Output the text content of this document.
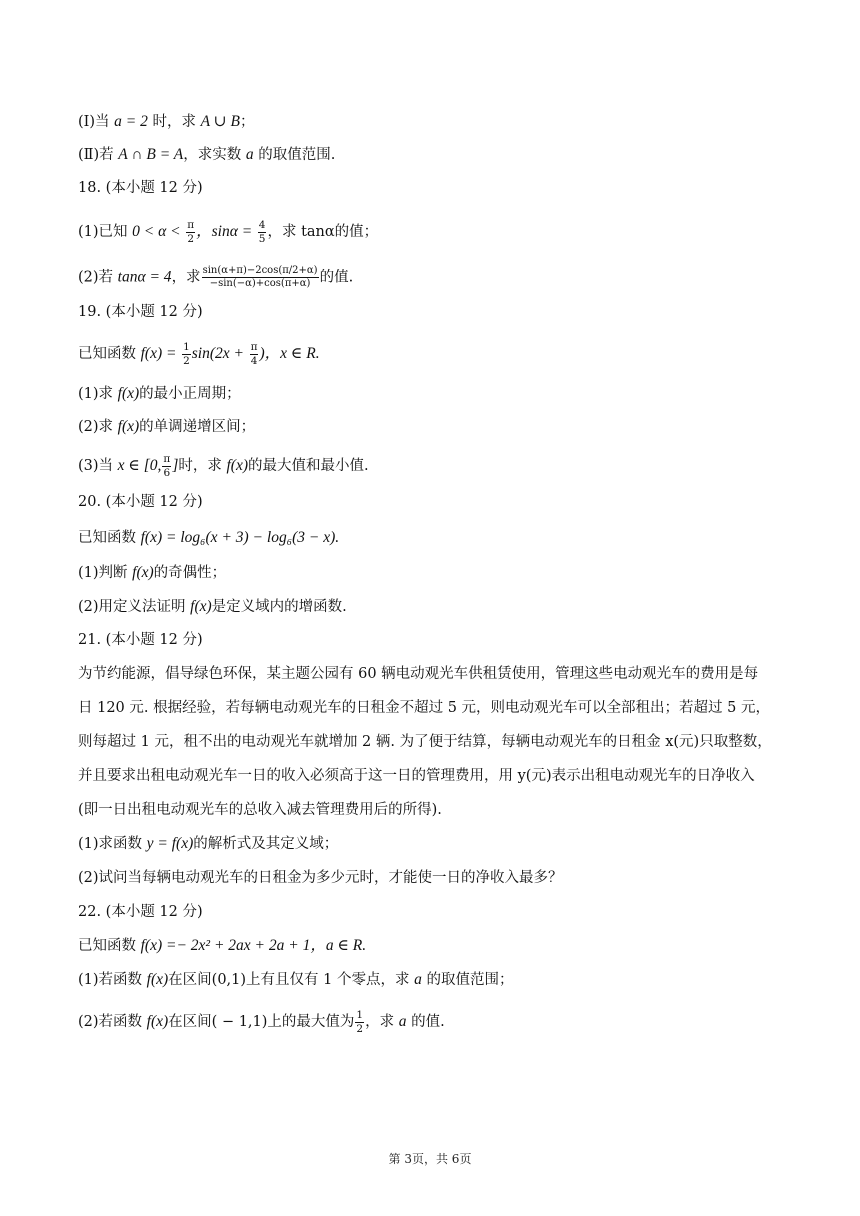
(Ⅰ)当 a = 2 时，求 A ∪ B；
(Ⅱ)若 A ∩ B = A，求实数 a 的取值范围.
18. (本小题 12 分)
(1)已知 $0 < \alpha < \frac{\pi}{2}$ ，$\sin\alpha = \frac{4}{5}$ ，求 tanα的值；
(2)若 tanα = 4，求 $\frac{\sin(\alpha+\pi)-2\cos(\pi/2+\alpha)}{-\sin(-\alpha)+\cos(\pi+\alpha)}$ 的值.
19. (本小题 12 分)
已知函数 $f(x) = \frac{1}{2} \sin(2x + \frac{\pi}{4}$ )，x ∈ R.
(1)求 f(x)的最小正周期；
(2)求 f(x)的单调递增区间；
(3)当 x ∈ [0, $\frac{\pi}{6}$ ]时，求 f(x)的最大值和最小值.
20. (本小题 12 分)
已知函数 f(x) = log₆(x + 3) − log₆(3 − x).
(1)判断 f(x)的奇偶性；
(2)用定义法证明 f(x)是定义域内的增函数.
21. (本小题 12 分)
为节约能源，倡导绿色环保，某主题公园有 60 辆电动观光车供租赁使用，管理这些电动观光车的费用是每
日 120 元. 根据经验，若每辆电动观光车的日租金不超过 5 元，则电动观光车可以全部租出；若超过 5 元，
则每超过 1 元，租不出的电动观光车就增加 2 辆. 为了便于结算，每辆电动观光车的日租金 x(元)只取整数，
并且要求出租电动观光车一日的收入必须高于这一日的管理费用，用 y(元)表示出租电动观光车的日净收入
(即一日出租电动观光车的总收入减去管理费用后的所得).
(1)求函数 y = f(x)的解析式及其定义域；
(2)试问当每辆电动观光车的日租金为多少元时，才能使一日的净收入最多？
22. (本小题 12 分)
已知函数 f(x) =− 2x² + 2ax + 2a + 1，a ∈ R.
(1)若函数 f(x)在区间(0,1)上有且仅有 1 个零点，求 a 的取值范围；
(2)若函数 f(x)在区间( − 1,1)上的最大值为 $\frac{1}{2}$ ，求 a 的值.
第 3页，共 6页
